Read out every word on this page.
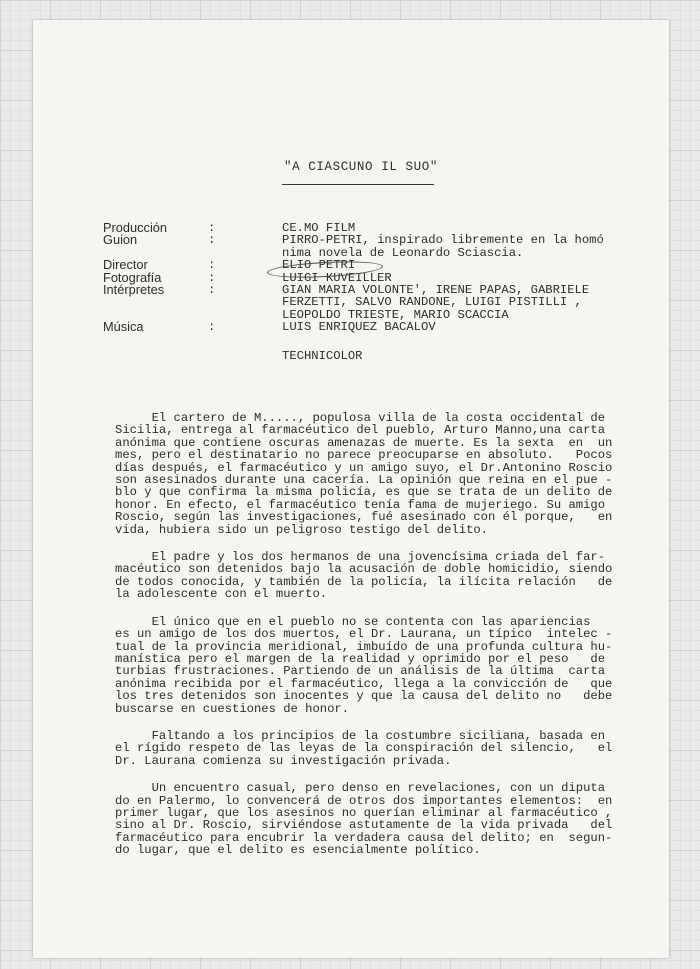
"A CIASCUNO IL SUO"
Producción	:	CE.MO FILM
Guion	:	PIRRO-PETRI, inspirado libremente en la homó
nima novela de Leonardo Sciascia.
Director	:	ELIO PETRI
Fotografía	:	LUIGI KUVEILLER
Intérpretes	:	GIAN MARIA VOLONTE', IRENE PAPAS, GABRIELE
FERZETTI, SALVO RANDONE, LUIGI PISTILLI ,
LEOPOLDO TRIESTE, MARIO SCACCIA
Música	:	LUIS ENRIQUEZ BACALOV
TECHNICOLOR
El cartero de M....., populosa villa de la costa occidental de
Sicilia, entrega al farmacéutico del pueblo, Arturo Manno,una carta
anónima que contiene oscuras amenazas de muerte. Es la sexta  en  un
mes, pero el destinatario no parece preocuparse en absoluto.   Pocos
días después, el farmacéutico y un amigo suyo, el Dr.Antonino Roscio
son asesinados durante una cacería. La opinión que reina en el pue -
blo y que confirma la misma policía, es que se trata de un delito de
honor. En efecto, el farmacéutico tenía fama de mujeriego. Su amigo
Roscio, según las investigaciones, fué asesinado con él porque,   en
vida, hubiera sido un peligroso testigo del delito.
El padre y los dos hermanos de una jovencísima criada del far-
macéutico son detenidos bajo la acusación de doble homicidio, siendo
de todos conocida, y también de la policía, la ilícita relación   de
la adolescente con el muerto.
El único que en el pueblo no se contenta con las apariencias
es un amigo de los dos muertos, el Dr. Laurana, un típico  intelec -
tual de la provincia meridional, imbuído de una profunda cultura hu-
manística pero el margen de la realidad y oprimido por el peso   de
turbias frustraciones. Partiendo de un análisis de la última  carta
anónima recibida por el farmacéutico, llega a la convicción de   que
los tres detenidos son inocentes y que la causa del delito no   debe
buscarse en cuestiones de honor.
Faltando a los principios de la costumbre siciliana, basada en
el rígido respeto de las leyas de la conspiración del silencio,   el
Dr. Laurana comienza su investigación privada.
Un encuentro casual, pero denso en revelaciones, con un diputa
do en Palermo, lo convencerá de otros dos importantes elementos:  en
primer lugar, que los asesinos no querían eliminar al farmacéutico ,
sino al Dr. Roscio, sirviéndose astutamente de la vida privada   del
farmacéutico para encubrir la verdadera causa del delito; en  segun-
do lugar, que el delito es esencialmente político.
